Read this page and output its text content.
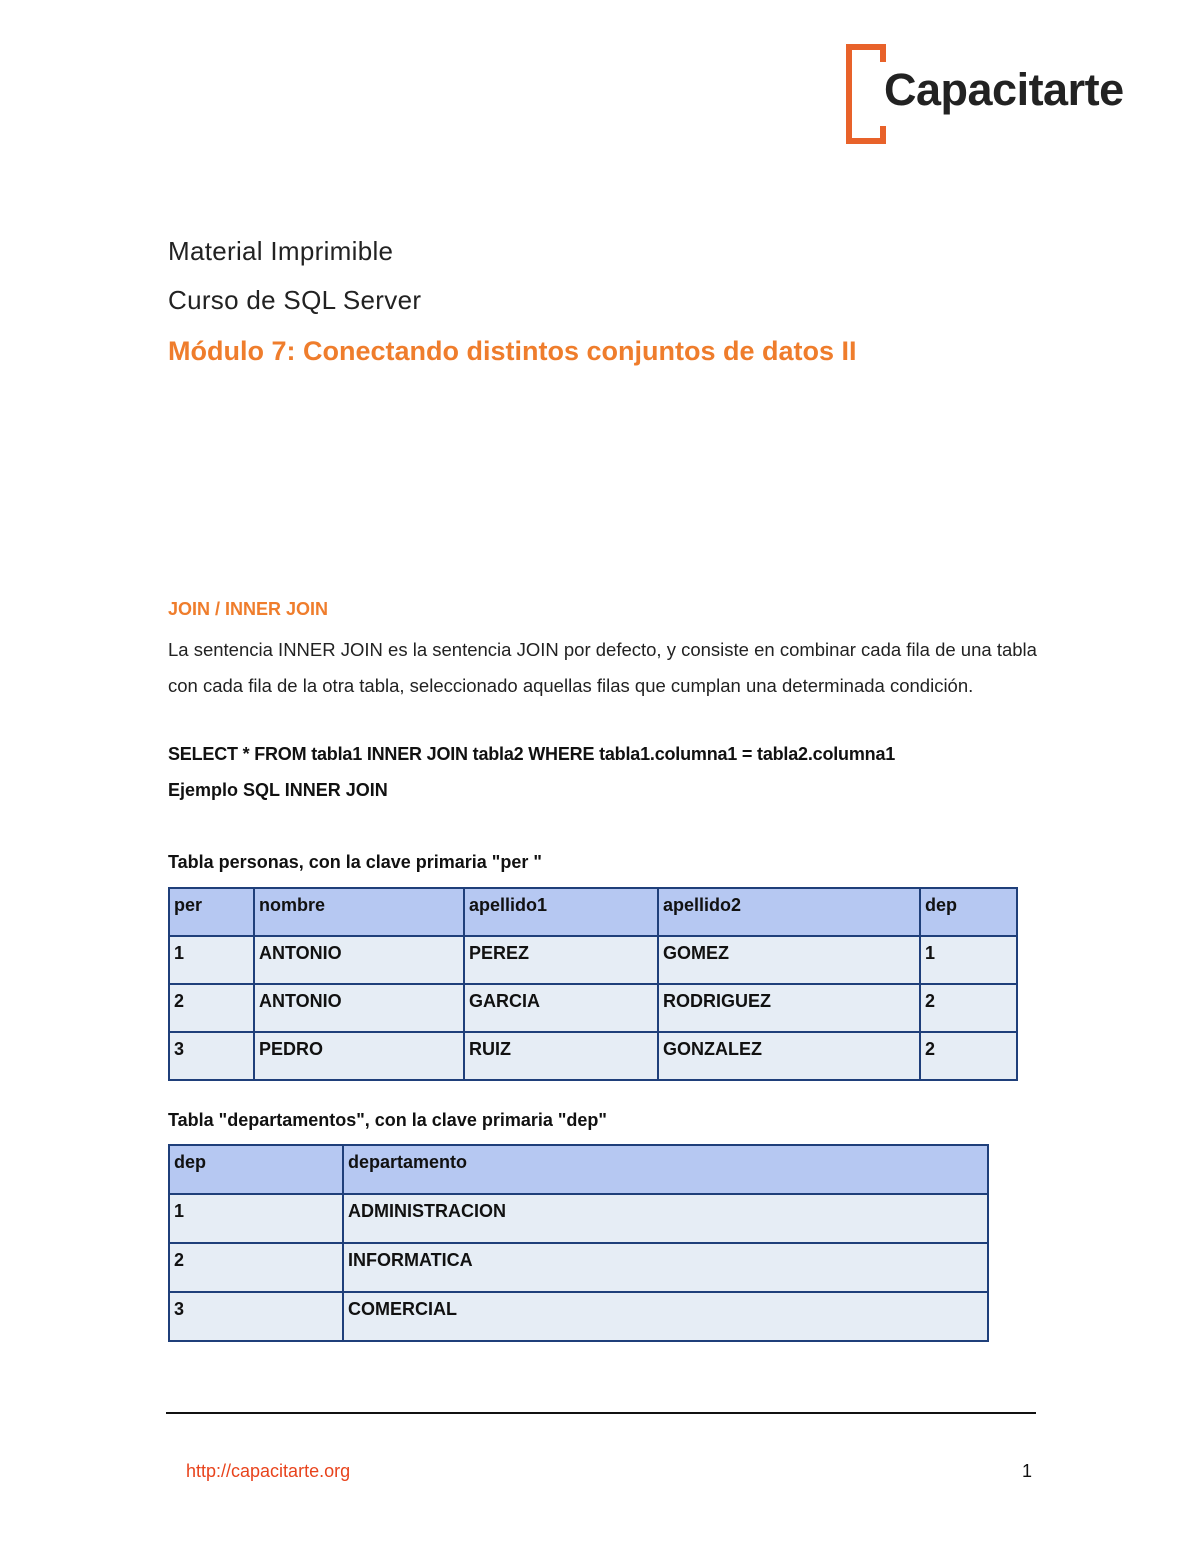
Capacitarte
Material Imprimible
Curso de SQL Server
Módulo 7: Conectando distintos conjuntos de datos II
JOIN / INNER JOIN
La sentencia INNER JOIN es la sentencia JOIN por defecto, y consiste en combinar cada fila de una tabla con cada fila de la otra tabla, seleccionado aquellas filas que cumplan una determinada condición.
SELECT * FROM tabla1 INNER JOIN tabla2 WHERE tabla1.columna1 = tabla2.columna1
Ejemplo SQL INNER JOIN
Tabla personas, con la clave primaria "per "
per	nombre	apellido1	apellido2	dep
1	ANTONIO	PEREZ	GOMEZ	1
2	ANTONIO	GARCIA	RODRIGUEZ	2
3	PEDRO	RUIZ	GONZALEZ	2
Tabla "departamentos", con la clave primaria "dep"
dep	departamento
1	ADMINISTRACION
2	INFORMATICA
3	COMERCIAL
http://capacitarte.org	1
